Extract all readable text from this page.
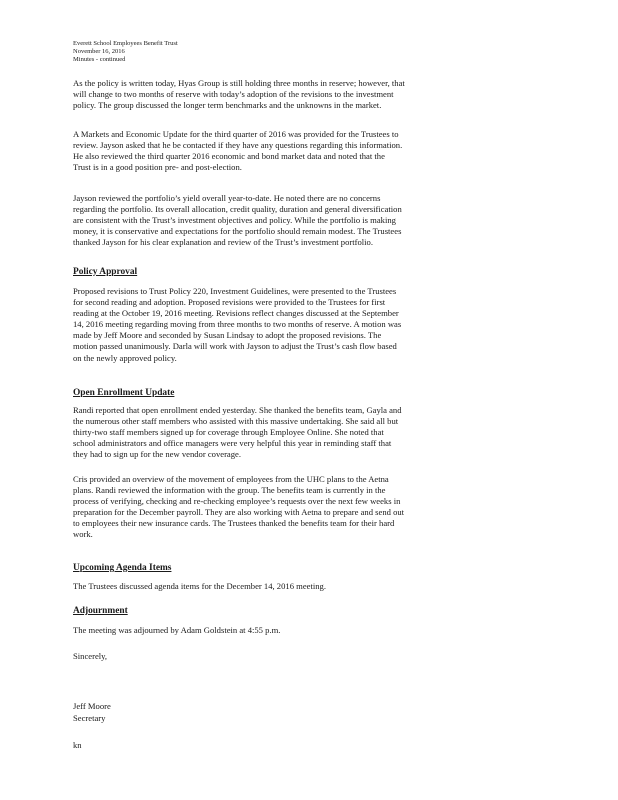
Everett School Employees Benefit Trust
November 16, 2016
Minutes - continued
As the policy is written today, Hyas Group is still holding three months in reserve; however, that
will change to two months of reserve with today’s adoption of the revisions to the investment
policy. The group discussed the longer term benchmarks and the unknowns in the market.
A Markets and Economic Update for the third quarter of 2016 was provided for the Trustees to
review. Jayson asked that he be contacted if they have any questions regarding this information.
He also reviewed the third quarter 2016 economic and bond market data and noted that the
Trust is in a good position pre- and post-election.
Jayson reviewed the portfolio’s yield overall year-to-date. He noted there are no concerns
regarding the portfolio. Its overall allocation, credit quality, duration and general diversification
are consistent with the Trust’s investment objectives and policy. While the portfolio is making
money, it is conservative and expectations for the portfolio should remain modest. The Trustees
thanked Jayson for his clear explanation and review of the Trust’s investment portfolio.
Policy Approval
Proposed revisions to Trust Policy 220, Investment Guidelines, were presented to the Trustees
for second reading and adoption. Proposed revisions were provided to the Trustees for first
reading at the October 19, 2016 meeting. Revisions reflect changes discussed at the September
14, 2016 meeting regarding moving from three months to two months of reserve. A motion was
made by Jeff Moore and seconded by Susan Lindsay to adopt the proposed revisions. The
motion passed unanimously. Darla will work with Jayson to adjust the Trust’s cash flow based
on the newly approved policy.
Open Enrollment Update
Randi reported that open enrollment ended yesterday. She thanked the benefits team, Gayla and
the numerous other staff members who assisted with this massive undertaking. She said all but
thirty-two staff members signed up for coverage through Employee Online. She noted that
school administrators and office managers were very helpful this year in reminding staff that
they had to sign up for the new vendor coverage.
Cris provided an overview of the movement of employees from the UHC plans to the Aetna
plans. Randi reviewed the information with the group. The benefits team is currently in the
process of verifying, checking and re-checking employee’s requests over the next few weeks in
preparation for the December payroll. They are also working with Aetna to prepare and send out
to employees their new insurance cards. The Trustees thanked the benefits team for their hard
work.
Upcoming Agenda Items
The Trustees discussed agenda items for the December 14, 2016 meeting.
Adjournment
The meeting was adjourned by Adam Goldstein at 4:55 p.m.
Sincerely,
Jeff Moore
Secretary
kn
